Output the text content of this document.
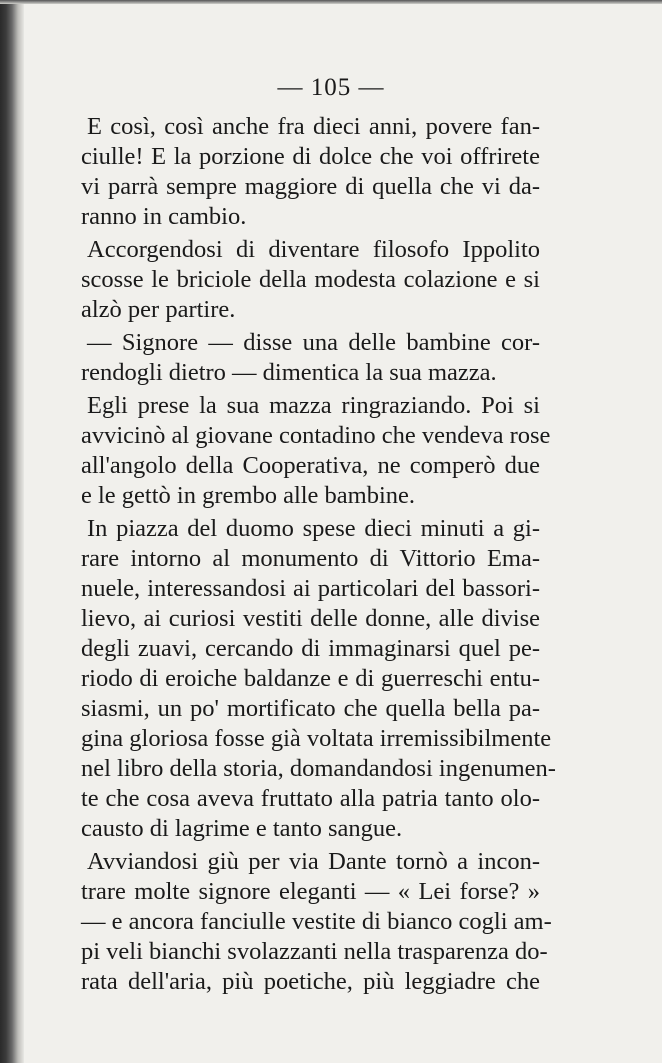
— 105 —
E così, così anche fra dieci anni, povere fan-
ciulle! E la porzione di dolce che voi offrirete
vi parrà sempre maggiore di quella che vi da-
ranno in cambio.
Accorgendosi di diventare filosofo Ippolito
scosse le briciole della modesta colazione e si
alzò per partire.
— Signore — disse una delle bambine cor-
rendogli dietro — dimentica la sua mazza.
Egli prese la sua mazza ringraziando. Poi si
avvicinò al giovane contadino che vendeva rose
all'angolo della Cooperativa, ne comperò due
e le gettò in grembo alle bambine.
In piazza del duomo spese dieci minuti a gi-
rare intorno al monumento di Vittorio Ema-
nuele, interessandosi ai particolari del bassori-
lievo, ai curiosi vestiti delle donne, alle divise
degli zuavi, cercando di immaginarsi quel pe-
riodo di eroiche baldanze e di guerreschi entu-
siasmi, un po' mortificato che quella bella pa-
gina gloriosa fosse già voltata irremissibilmente
nel libro della storia, domandandosi ingenumen-
te che cosa aveva fruttato alla patria tanto olo-
causto di lagrime e tanto sangue.
Avviandosi giù per via Dante tornò a incon-
trare molte signore eleganti — « Lei forse? »
— e ancora fanciulle vestite di bianco cogli am-
pi veli bianchi svolazzanti nella trasparenza do-
rata dell'aria, più poetiche, più leggiadre che
